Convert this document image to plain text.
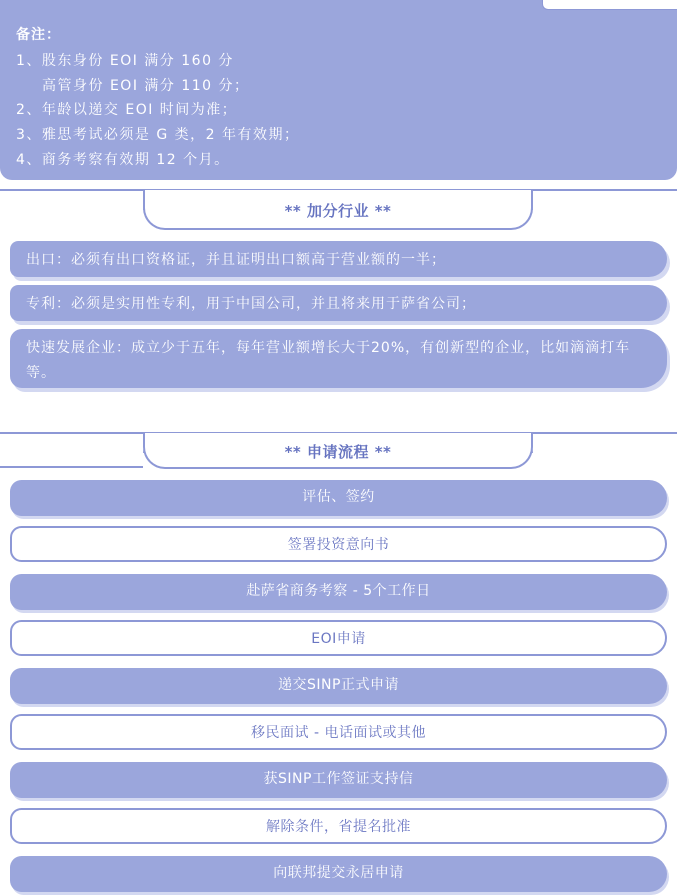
备注：
1、股东身份 EOI 满分 160 分
高管身份 EOI 满分 110 分；
2、年龄以递交 EOI 时间为准；
3、雅思考试必须是 G 类，2 年有效期；
4、商务考察有效期 12 个月。
** 加分行业 **
出口：必须有出口资格证，并且证明出口额高于营业额的一半；
专利：必须是实用性专利，用于中国公司，并且将来用于萨省公司；
快速发展企业：成立少于五年，每年营业额增长大于20%，有创新型的企业，比如滴滴打车等。
** 申请流程 **
评估、签约
签署投资意向书
赴萨省商务考察 - 5个工作日
EOI申请
递交SINP正式申请
移民面试 - 电话面试或其他
获SINP工作签证支持信
解除条件，省提名批准
向联邦提交永居申请
